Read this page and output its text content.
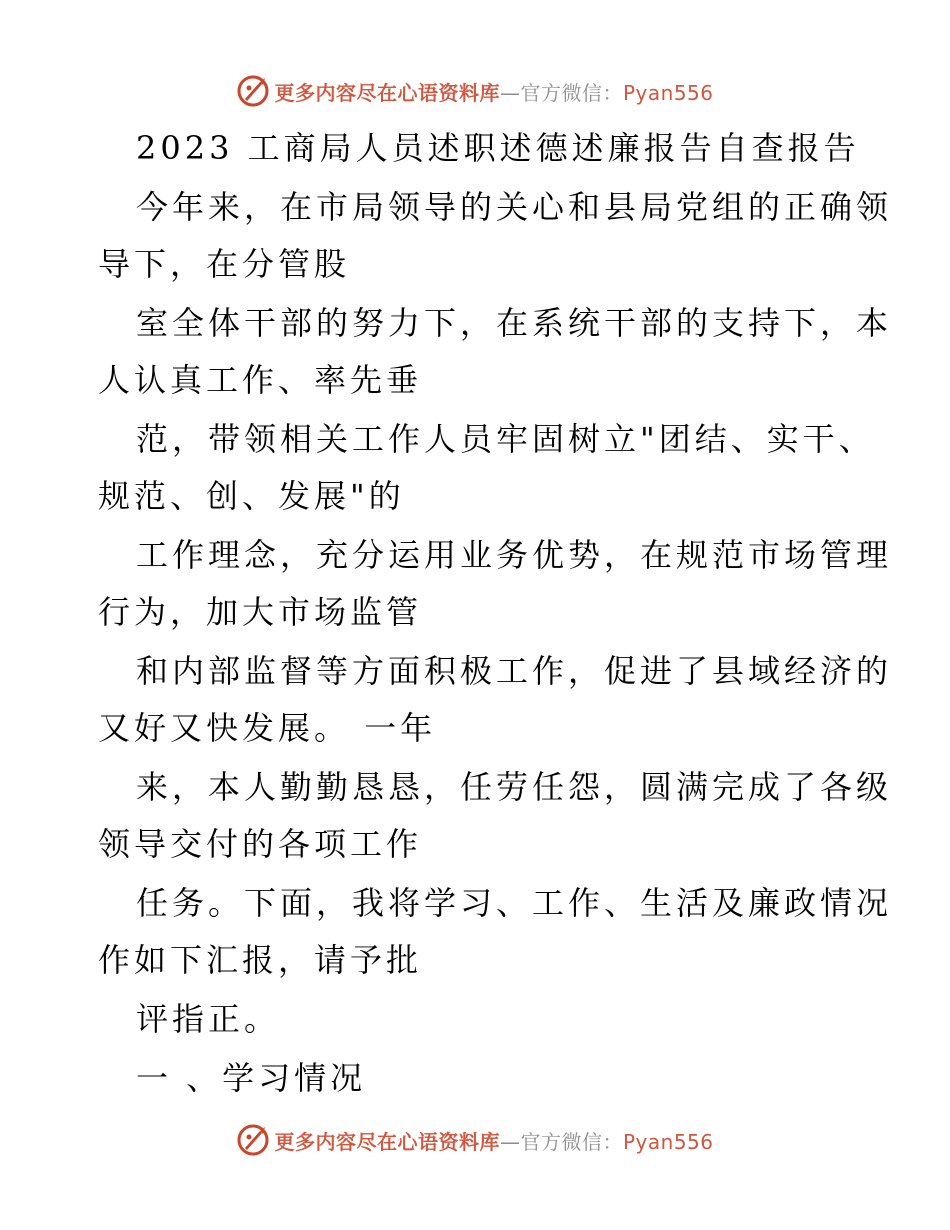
更多内容尽在心语资料库—官方微信：Pyan556
2023 工商局人员述职述德述廉报告自查报告
今年来，在市局领导的关心和县局党组的正确领
导下，在分管股
室全体干部的努力下，在系统干部的支持下，本
人认真工作、率先垂
范，带领相关工作人员牢固树立"团结、实干、
规范、创、发展"的
工作理念，充分运用业务优势，在规范市场管理
行为，加大市场监管
和内部监督等方面积极工作，促进了县域经济的
又好又快发展。 一年
来，本人勤勤恳恳，任劳任怨，圆满完成了各级
领导交付的各项工作
任务。下面，我将学习、工作、生活及廉政情况
作如下汇报，请予批
评指正。
一 、学习情况
更多内容尽在心语资料库—官方微信：Pyan556
